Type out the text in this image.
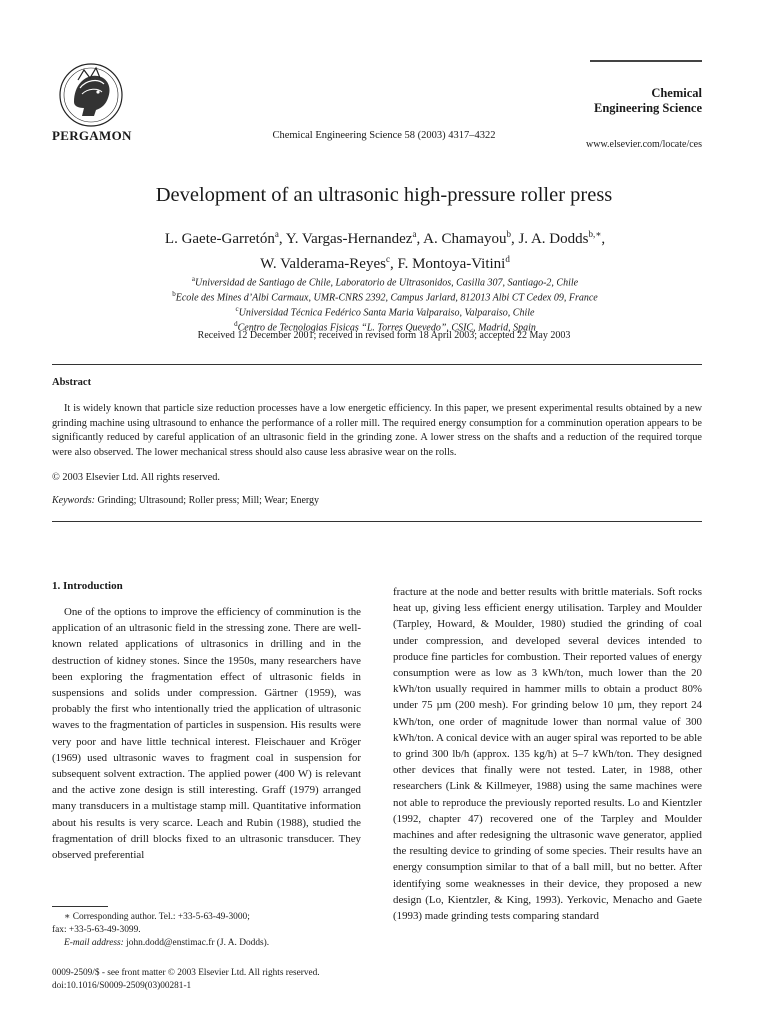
PERGAMON	Chemical Engineering Science 58 (2003) 4317–4322
Chemical
Engineering Science
www.elsevier.com/locate/ces
Development of an ultrasonic high-pressure roller press
L. Gaete-Garretón$^a$, Y. Vargas-Hernandez$^a$, A. Chamayou$^b$, J. A. Dodds$^{b,∗}$,
W. Valderama-Reyes$^c$, F. Montoya-Vitini$^d$
$^a$Universidad de Santiago de Chile, Laboratorio de Ultrasonidos, Casilla 307, Santiago-2, Chile
$^b$Ecole des Mines d’Albi Carmaux, UMR-CNRS 2392, Campus Jarlard, 812013 Albi CT Cedex 09, France
$^c$Universidad Técnica Fedérico Santa Maria Valparaiso, Valparaiso, Chile
$^d$Centro de Tecnologias Fisicas “L. Torres Quevedo”, CSIC, Madrid, Spain
Received 12 December 2001; received in revised form 18 April 2003; accepted 22 May 2003
Abstract
It is widely known that particle size reduction processes have a low energetic efficiency. In this paper, we present experimental results obtained by a new grinding machine using ultrasound to enhance the performance of a roller mill. The required energy consumption for a comminution operation appears to be significantly reduced by careful application of an ultrasonic field in the grinding zone. A lower stress on the shafts and a reduction of the required torque were also observed. The lower mechanical stress should also cause less abrasive wear on the rolls.
© 2003 Elsevier Ltd. All rights reserved.
Keywords: Grinding; Ultrasound; Roller press; Mill; Wear; Energy
1. Introduction
One of the options to improve the efficiency of comminution is the application of an ultrasonic field in the stressing zone. There are well-known related applications of ultrasonics in drilling and in the destruction of kidney stones. Since the 1950s, many researchers have been exploring the fragmentation effect of ultrasonic fields in suspensions and solids under compression. Gärtner (1959), was probably the first who intentionally tried the application of ultrasonic waves to the fragmentation of particles in suspension. His results were very poor and have little technical interest. Fleischauer and Kröger (1969) used ultrasonic waves to fragment coal in suspension for subsequent solvent extraction. The applied power (400 W) is relevant and the active zone design is still interesting. Graff (1979) arranged many transducers in a multistage stamp mill. Quantitative information about his results is very scarce. Leach and Rubin (1988), studied the fragmentation of drill blocks fixed to an ultrasonic transducer. They observed preferential
fracture at the node and better results with brittle materials. Soft rocks heat up, giving less efficient energy utilisation. Tarpley and Moulder (Tarpley, Howard, & Moulder, 1980) studied the grinding of coal under compression, and developed several devices intended to produce fine particles for combustion. Their reported values of energy consumption were as low as 3 kWh/ton, much lower than the 20 kWh/ton usually required in hammer mills to obtain a product 80% under 75 µm (200 mesh). For grinding below 10 µm, they report 24 kWh/ton, one order of magnitude lower than normal value of 300 kWh/ton. A conical device with an auger spiral was reported to be able to grind 300 lb/h (approx. 135 kg/h) at 5–7 kWh/ton. They designed other devices that finally were not tested. Later, in 1988, other researchers (Link & Killmeyer, 1988) using the same machines were not able to reproduce the previously reported results. Lo and Kientzler (1992, chapter 47) recovered one of the Tarpley and Moulder machines and after redesigning the ultrasonic wave generator, applied the resulting device to grinding of some species. Their results have an energy consumption similar to that of a ball mill, but no better. After identifying some weaknesses in their device, they proposed a new design (Lo, Kientzler, & King, 1993). Yerkovic, Menacho and Gaete (1993) made grinding tests comparing standard
∗ Corresponding author. Tel.: +33-5-63-49-3000;
fax: +33-5-63-49-3099.
E-mail address: john.dodd@enstimac.fr (J. A. Dodds).
0009-2509/$ - see front matter © 2003 Elsevier Ltd. All rights reserved.
doi:10.1016/S0009-2509(03)00281-1
